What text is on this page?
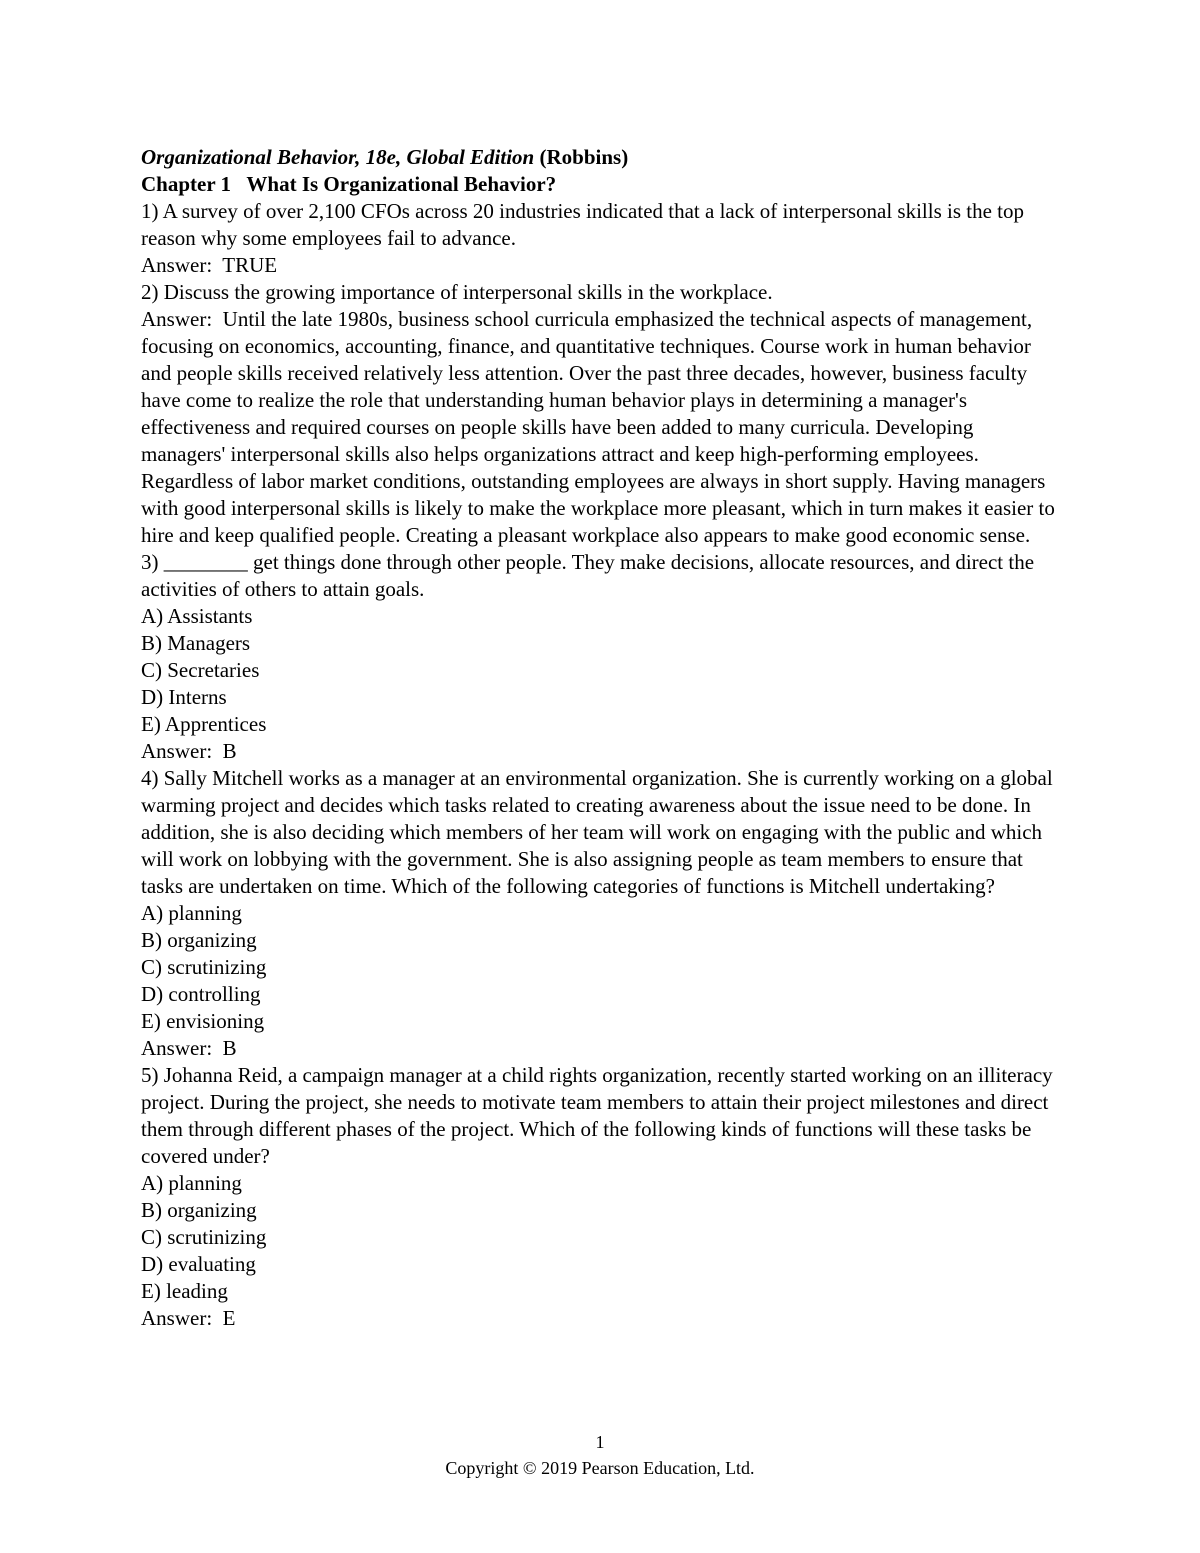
Organizational Behavior, 18e, Global Edition (Robbins)
Chapter 1   What Is Organizational Behavior?
1) A survey of over 2,100 CFOs across 20 industries indicated that a lack of interpersonal skills is the top reason why some employees fail to advance.
Answer:  TRUE
2) Discuss the growing importance of interpersonal skills in the workplace.
Answer:  Until the late 1980s, business school curricula emphasized the technical aspects of management, focusing on economics, accounting, finance, and quantitative techniques. Course work in human behavior and people skills received relatively less attention. Over the past three decades, however, business faculty have come to realize the role that understanding human behavior plays in determining a manager's effectiveness and required courses on people skills have been added to many curricula. Developing managers' interpersonal skills also helps organizations attract and keep high-performing employees. Regardless of labor market conditions, outstanding employees are always in short supply. Having managers with good interpersonal skills is likely to make the workplace more pleasant, which in turn makes it easier to hire and keep qualified people. Creating a pleasant workplace also appears to make good economic sense.
3) ________ get things done through other people. They make decisions, allocate resources, and direct the activities of others to attain goals.
A) Assistants
B) Managers
C) Secretaries
D) Interns
E) Apprentices
Answer:  B
4) Sally Mitchell works as a manager at an environmental organization. She is currently working on a global warming project and decides which tasks related to creating awareness about the issue need to be done. In addition, she is also deciding which members of her team will work on engaging with the public and which will work on lobbying with the government. She is also assigning people as team members to ensure that tasks are undertaken on time. Which of the following categories of functions is Mitchell undertaking?
A) planning
B) organizing
C) scrutinizing
D) controlling
E) envisioning
Answer:  B
5) Johanna Reid, a campaign manager at a child rights organization, recently started working on an illiteracy project. During the project, she needs to motivate team members to attain their project milestones and direct them through different phases of the project. Which of the following kinds of functions will these tasks be covered under?
A) planning
B) organizing
C) scrutinizing
D) evaluating
E) leading
Answer:  E
1
Copyright © 2019 Pearson Education, Ltd.
